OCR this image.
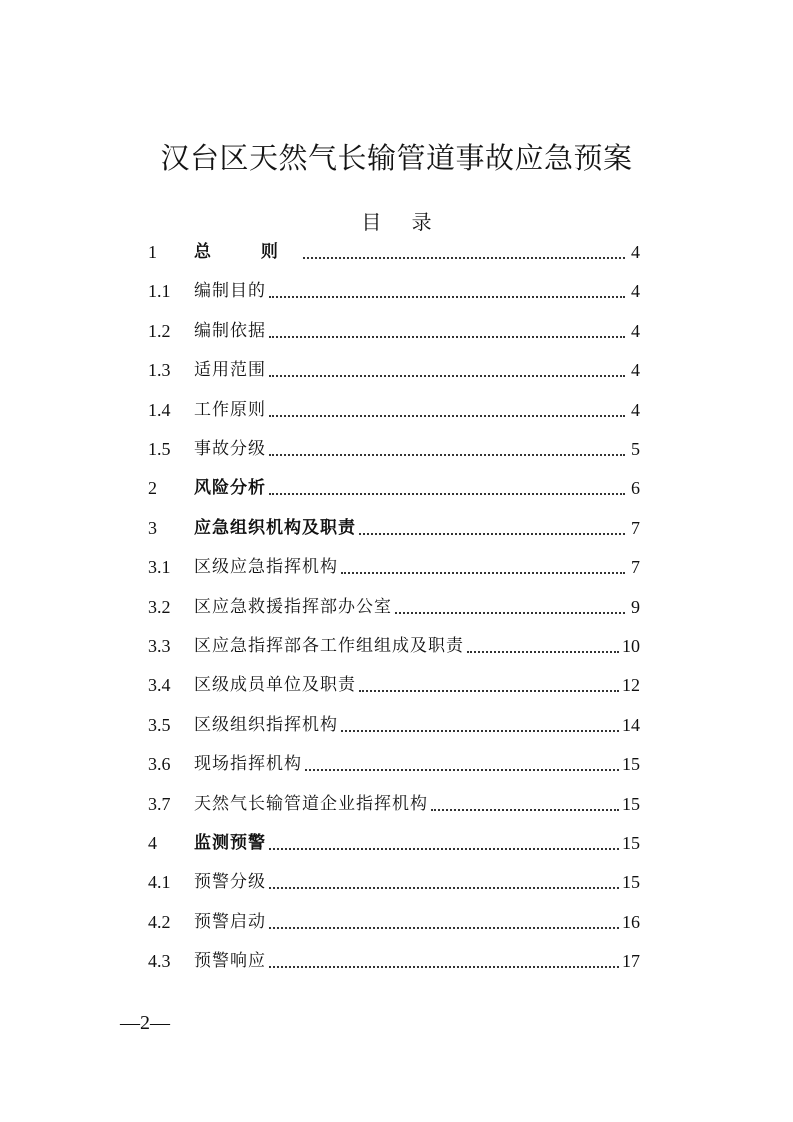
汉台区天然气长输管道事故应急预案
目 录
1	总 则	4
1.1	编制目的	4
1.2	编制依据	4
1.3	适用范围	4
1.4	工作原则	4
1.5	事故分级	5
2	风险分析	6
3	应急组织机构及职责	7
3.1	区级应急指挥机构	7
3.2	区应急救援指挥部办公室	9
3.3	区应急指挥部各工作组组成及职责	10
3.4	区级成员单位及职责	12
3.5	区级组织指挥机构	14
3.6	现场指挥机构	15
3.7	天然气长输管道企业指挥机构	15
4	监测预警	15
4.1	预警分级	15
4.2	预警启动	16
4.3	预警响应	17
—2—
